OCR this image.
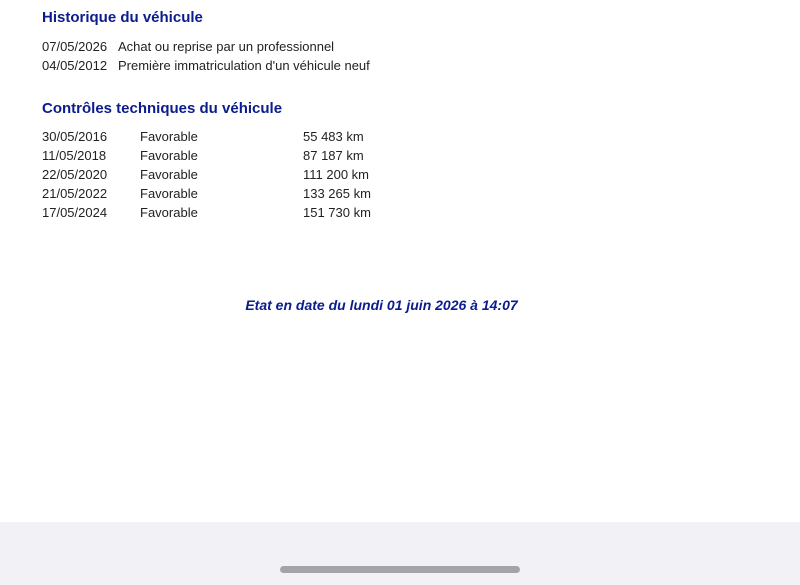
Historique du véhicule
07/05/2026 Achat ou reprise par un professionnel
04/05/2012 Première immatriculation d'un véhicule neuf
Contrôles techniques du véhicule
30/05/2016	Favorable	55 483 km
11/05/2018	Favorable	87 187 km
22/05/2020	Favorable	111 200 km
21/05/2022	Favorable	133 265 km
17/05/2024	Favorable	151 730 km
Etat en date du lundi 01 juin 2026 à 14:07
